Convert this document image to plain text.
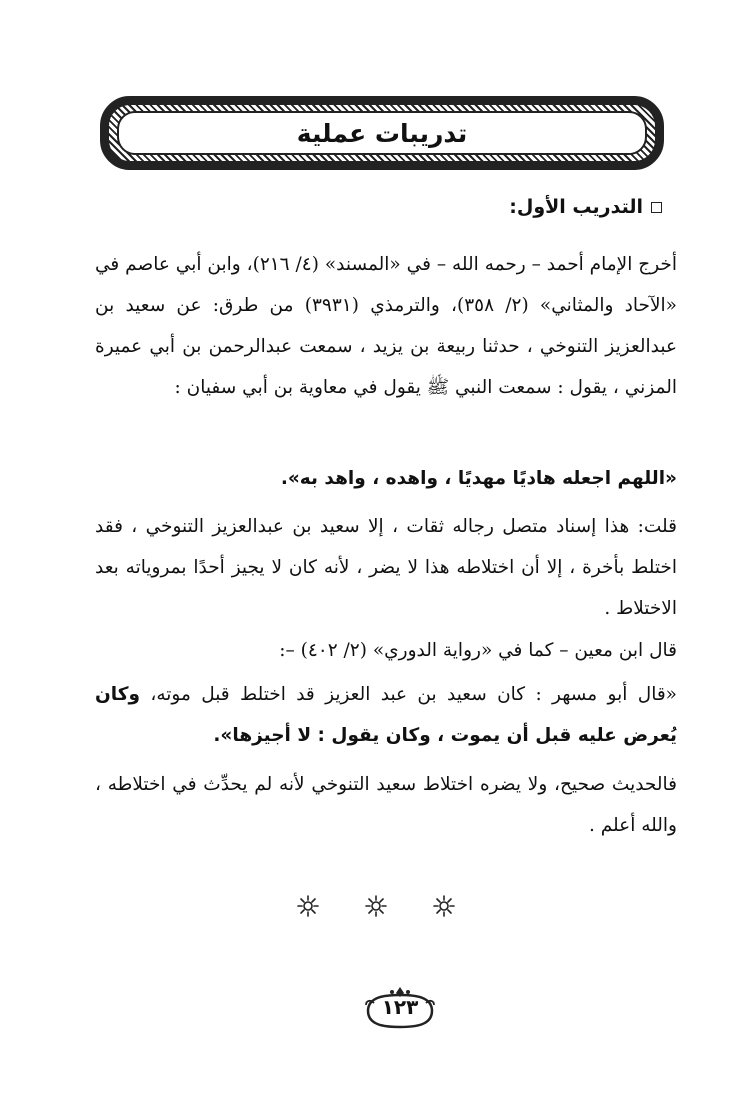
تدريبات عملية
التدريب الأول:
أخرج الإمام أحمد – رحمه الله – في «المسند» (٤/ ٢١٦)، وابن أبي عاصم في «الآحاد والمثاني» (٢/ ٣٥٨)، والترمذي (٣٩٣١) من طرق: عن سعيد بن عبدالعزيز التنوخي ، حدثنا ربيعة بن يزيد ، سمعت عبدالرحمن بن أبي عميرة المزني ، يقول : سمعت النبي ﷺ يقول في معاوية بن أبي سفيان :
«اللهم اجعله هاديًا مهديًا ، واهده ، واهد به».
قلت: هذا إسناد متصل رجاله ثقات ، إلا سعيد بن عبدالعزيز التنوخي ، فقد اختلط بأخرة ، إلا أن اختلاطه هذا لا يضر ، لأنه كان لا يجيز أحدًا بمروياته بعد الاختلاط .
قال ابن معين – كما في «رواية الدوري» (٢/ ٤٠٢) –:
«قال أبو مسهر : كان سعيد بن عبد العزيز قد اختلط قبل موته، وكان يُعرض عليه قبل أن يموت ، وكان يقول : لا أجيزها».
فالحديث صحيح، ولا يضره اختلاط سعيد التنوخي لأنه لم يحدِّث في اختلاطه ، والله أعلم .
١٢٣
